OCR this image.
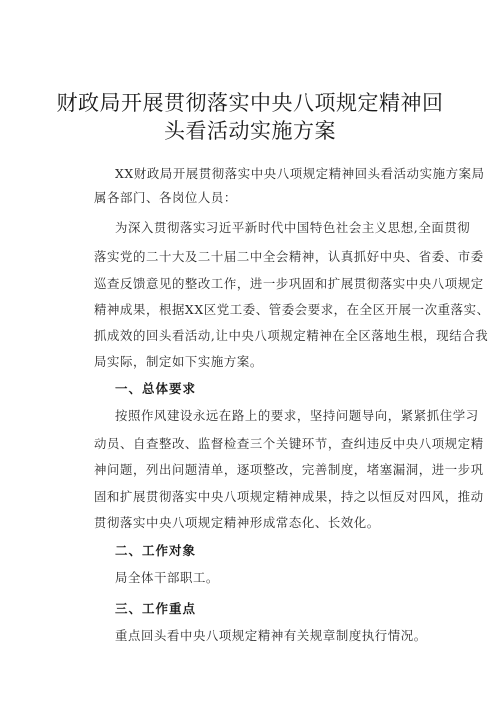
财政局开展贯彻落实中央八项规定精神回
头看活动实施方案
XX财政局开展贯彻落实中央八项规定精神回头看活动实施方案局
属各部门、各岗位人员：
为深入贯彻落实习近平新时代中国特色社会主义思想,全面贯彻
落实党的二十大及二十届二中全会精神，认真抓好中央、省委、市委
巡查反馈意见的整改工作，进一步巩固和扩展贯彻落实中央八项规定
精神成果，根据XX区党工委、管委会要求，在全区开展一次重落实、
抓成效的回头看活动,让中央八项规定精神在全区落地生根，现结合我
局实际，制定如下实施方案。
一、总体要求
按照作风建设永远在路上的要求，坚持问题导向，紧紧抓住学习
动员、自查整改、监督检查三个关键环节，查纠违反中央八项规定精
神问题，列出问题清单，逐项整改，完善制度，堵塞漏洞，进一步巩
固和扩展贯彻落实中央八项规定精神成果，持之以恒反对四风，推动
贯彻落实中央八项规定精神形成常态化、长效化。
二、工作对象
局全体干部职工。
三、工作重点
重点回头看中央八项规定精神有关规章制度执行情况。
